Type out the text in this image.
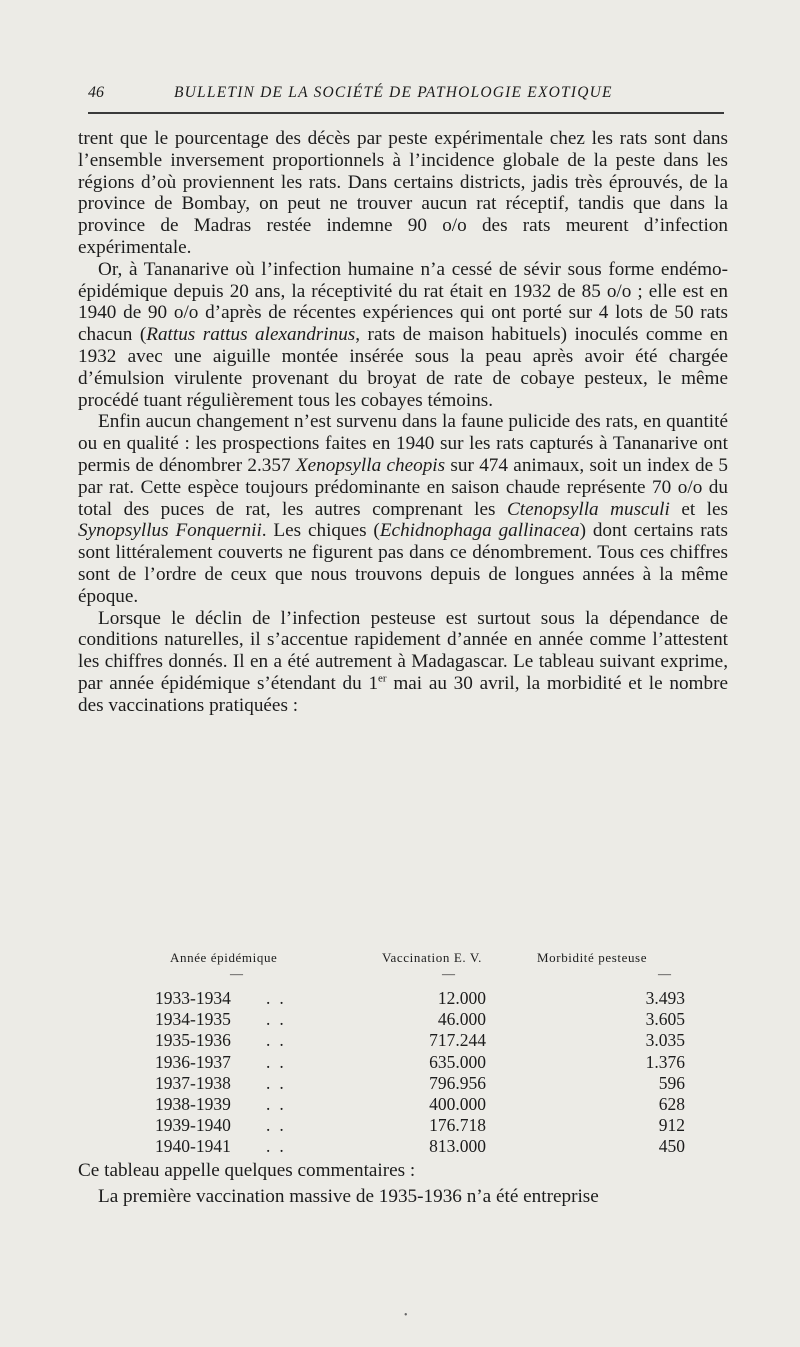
46	BULLETIN DE LA SOCIÉTÉ DE PATHOLOGIE EXOTIQUE

trent que le pourcentage des décès par peste expérimentale chez les rats sont dans l’ensemble inversement proportionnels à l’incidence globale de la peste dans les régions d’où proviennent les rats. Dans certains districts, jadis très éprouvés, de la province de Bombay, on peut ne trouver aucun rat réceptif, tandis que dans la province de Madras restée indemne 90 o/o des rats meurent d’infection expérimentale.

Or, à Tananarive où l’infection humaine n’a cessé de sévir sous forme endémo-épidémique depuis 20 ans, la réceptivité du rat était en 1932 de 85 o/o ; elle est en 1940 de 90 o/o d’après de récentes expériences qui ont porté sur 4 lots de 50 rats chacun (Rattus rattus alexandrinus, rats de maison habituels) inoculés comme en 1932 avec une aiguille montée insérée sous la peau après avoir été chargée d’émulsion virulente provenant du broyat de rate de cobaye pesteux, le même procédé tuant régulièrement tous les cobayes témoins.

Enfin aucun changement n’est survenu dans la faune pulicide des rats, en quantité ou en qualité : les prospections faites en 1940 sur les rats capturés à Tananarive ont permis de dénombrer 2.357 Xenopsylla cheopis sur 474 animaux, soit un index de 5 par rat. Cette espèce toujours prédominante en saison chaude représente 70 o/o du total des puces de rat, les autres comprenant les Ctenopsylla musculi et les Synopsyllus Fonquernii. Les chiques (Echidnophaga gallinacea) dont certains rats sont littéralement couverts ne figurent pas dans ce dénombrement. Tous ces chiffres sont de l’ordre de ceux que nous trouvons depuis de longues années à la même époque.

Lorsque le déclin de l’infection pesteuse est surtout sous la dépendance de conditions naturelles, il s’accentue rapidement d’année en année comme l’attestent les chiffres donnés. Il en a été autrement à Madagascar. Le tableau suivant exprime, par année épidémique s’étendant du 1er mai au 30 avril, la morbidité et le nombre des vaccinations pratiquées :

Année épidémique	Vaccination E. V.	Morbidité pesteuse
—	—	—
1933-1934 ..	12.000	3.493
1934-1935 ..	46.000	3.605
1935-1936 ..	717.244	3.035
1936-1937 ..	635.000	1.376
1937-1938 ..	796.956	596
1938-1939 ..	400.000	628
1939-1940 ..	176.718	912
1940-1941 ..	813.000	450

Ce tableau appelle quelques commentaires :

La première vaccination massive de 1935-1936 n’a été entreprise

•
